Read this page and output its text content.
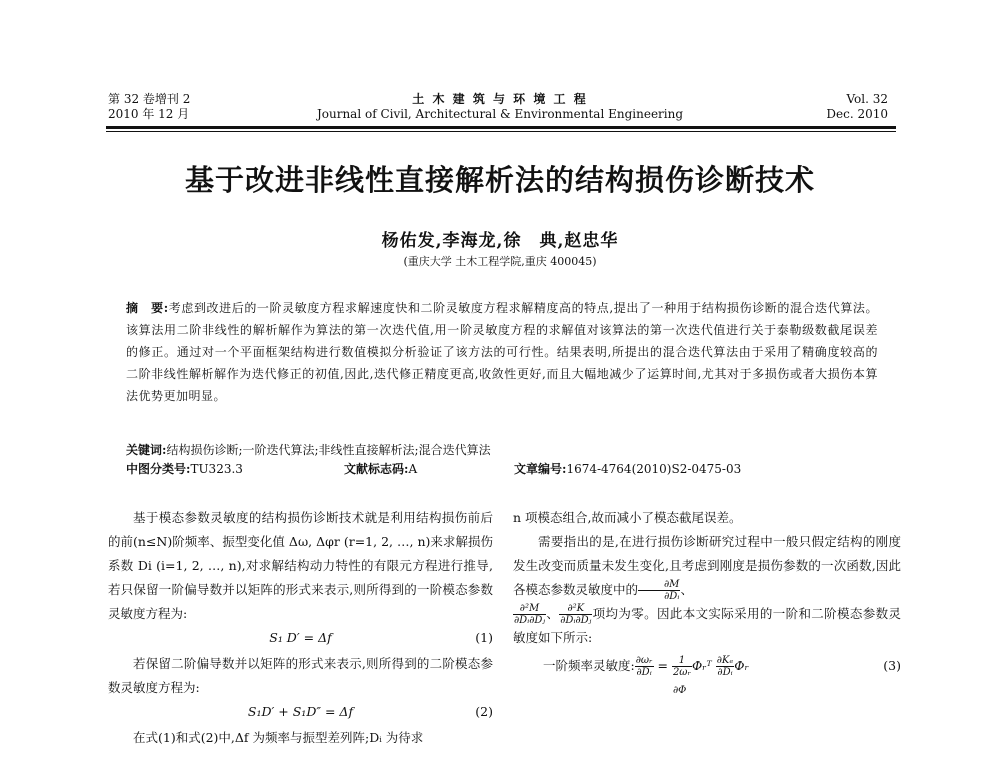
第 32 卷增刊 2
2010 年 12 月
土 木 建 筑 与 环 境 工 程
Journal of Civil, Architectural & Environmental Engineering
Vol. 32
Dec. 2010
基于改进非线性直接解析法的结构损伤诊断技术
杨佑发,李海龙,徐　典,赵忠华
(重庆大学 土木工程学院,重庆 400045)
摘　要:考虑到改进后的一阶灵敏度方程求解速度快和二阶灵敏度方程求解精度高的特点,提出了一种用于结构损伤诊断的混合迭代算法。该算法用二阶非线性的解析解作为算法的第一次迭代值,用一阶灵敏度方程的求解值对该算法的第一次迭代值进行关于泰勒级数截尾误差的修正。通过对一个平面框架结构进行数值模拟分析验证了该方法的可行性。结果表明,所提出的混合迭代算法由于采用了精确度较高的二阶非线性解析解作为迭代修正的初值,因此,迭代修正精度更高,收敛性更好,而且大幅地减少了运算时间,尤其对于多损伤或者大损伤本算法优势更加明显。
关键词:结构损伤诊断;一阶迭代算法;非线性直接解析法;混合迭代算法
中图分类号:TU323.3	文献标志码:A	文章编号:1674-4764(2010)S2-0475-03

基于模态参数灵敏度的结构损伤诊断技术就是利用结构损伤前后的前(n≤N)阶频率、振型变化值 Δω, Δφr (r=1, 2, …, n)来求解损伤系数 Di (i=1, 2, …, n),对求解结构动力特性的有限元方程进行推导,若只保留一阶偏导数并以矩阵的形式来表示,则所得到的一阶模态参数灵敏度方程为:

S₁ D′ = Δf	(1)

若保留二阶偏导数并以矩阵的形式来表示,则所得到的二阶模态参数灵敏度方程为:

S₁D′ + S₁D″ = Δf	(2)

在式(1)和式(2)中,Δf 为频率与振型差列阵;Dᵢ 为待求

n 项模态组合,故而减小了模态截尾误差。

需要指出的是,在进行损伤诊断研究过程中一般只假定结构的刚度发生改变而质量未发生变化,且考虑到刚度是损伤参数的一次函数,因此各模态参数灵敏度中的 $\frac{\partial M}{\text{∂Dᵢ}}$ 、

$\frac{\text{∂²M}}{\text{∂Dᵢ∂Dⱼ}}$ 、 $\frac{\text{∂²K}}{\text{∂Dᵢ∂Dⱼ}}$ 项均为零。因此本文实际采用的一阶和二阶模态参数灵敏度如下所示:

一阶频率灵敏度: $\frac{\text{∂ωᵣ}}{\text{∂Dᵢ}} = \frac{1}{\text{2ωᵣ}}$ Φᵣᵀ $\frac{\text{∂Kₑ}}{\text{∂Dᵢ}}$ Φᵣ	(3)
∂Φ
